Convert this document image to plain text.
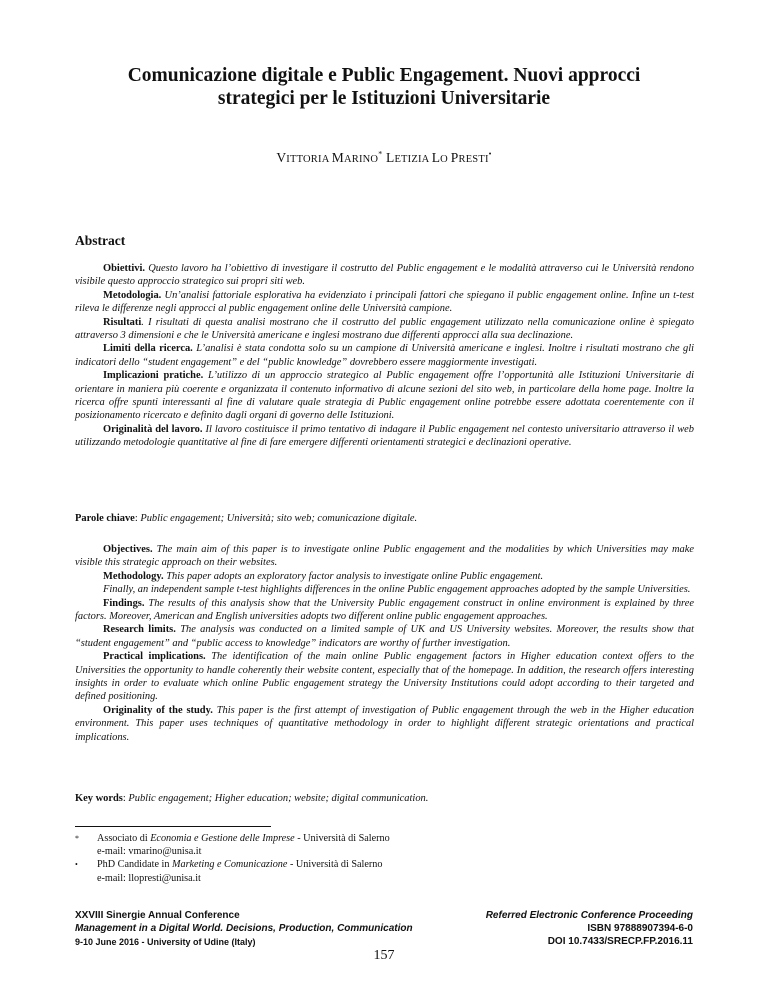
Comunicazione digitale e Public Engagement. Nuovi approcci
strategici per le Istituzioni Universitarie
VITTORIA MARINO* LETIZIA LO PRESTI•
Abstract

Obiettivi. Questo lavoro ha l’obiettivo di investigare il costrutto del Public engagement e le modalità attraverso cui le Università rendono visibile questo approccio strategico sui propri siti web.

Metodologia. Un’analisi fattoriale esplorativa ha evidenziato i principali fattori che spiegano il public engagement online. Infine un t-test rileva le differenze negli approcci al public engagement online delle Università campione.

Risultati. I risultati di questa analisi mostrano che il costrutto del public engagement utilizzato nella comunicazione online è spiegato attraverso 3 dimensioni e che le Università americane e inglesi mostrano due differenti approcci alla sua declinazione.

Limiti della ricerca. L’analisi è stata condotta solo su un campione di Università americane e inglesi. Inoltre i risultati mostrano che gli indicatori dello “student engagement” e del “public knowledge” dovrebbero essere maggiormente investigati.

Implicazioni pratiche. L’utilizzo di un approccio strategico al Public engagement offre l’opportunità alle Istituzioni Universitarie di orientare in maniera più coerente e organizzata il contenuto informativo di alcune sezioni del sito web, in particolare della home page. Inoltre la ricerca offre spunti interessanti al fine di valutare quale strategia di Public engagement online potrebbe essere adottata coerentemente con il posizionamento ricercato e definito dagli organi di governo delle Istituzioni.

Originalità del lavoro. Il lavoro costituisce il primo tentativo di indagare il Public engagement nel contesto universitario attraverso il web utilizzando metodologie quantitative al fine di fare emergere differenti orientamenti strategici e declinazioni operative.

Parole chiave: Public engagement; Università; sito web; comunicazione digitale.

Objectives. The main aim of this paper is to investigate online Public engagement and the modalities by which Universities may make visible this strategic approach on their websites.

Methodology. This paper adopts an exploratory factor analysis to investigate online Public engagement.

Finally, an independent sample t-test highlights differences in the online Public engagement approaches adopted by the sample Universities.

Findings. The results of this analysis show that the University Public engagement construct in online environment is explained by three factors. Moreover, American and English universities adopts two different online public engagement approaches.

Research limits. The analysis was conducted on a limited sample of UK and US University websites. Moreover, the results show that “student engagement” and “public access to knowledge” indicators are worthy of further investigation.

Practical implications. The identification of the main online Public engagement factors in Higher education context offers to the Universities the opportunity to handle coherently their website content, especially that of the homepage. In addition, the research offers interesting insights in order to evaluate which online Public engagement strategy the University Institutions could adopt according to their targeted and defined positioning.

Originality of the study. This paper is the first attempt of investigation of Public engagement through the web in the Higher education environment. This paper uses techniques of quantitative methodology in order to highlight different strategic orientations and practical implications.

Key words: Public engagement; Higher education; website; digital communication.

* Associato di Economia e Gestione delle Imprese - Università di Salerno
e-mail: vmarino@unisa.it
• PhD Candidate in Marketing e Comunicazione - Università di Salerno
e-mail: llopresti@unisa.it
XXVIII Sinergie Annual Conference
Management in a Digital World. Decisions, Production, Communication
9-10 June 2016 - University of Udine (Italy)
Referred Electronic Conference Proceeding
ISBN 97888907394-6-0
DOI 10.7433/SRECP.FP.2016.11
157
